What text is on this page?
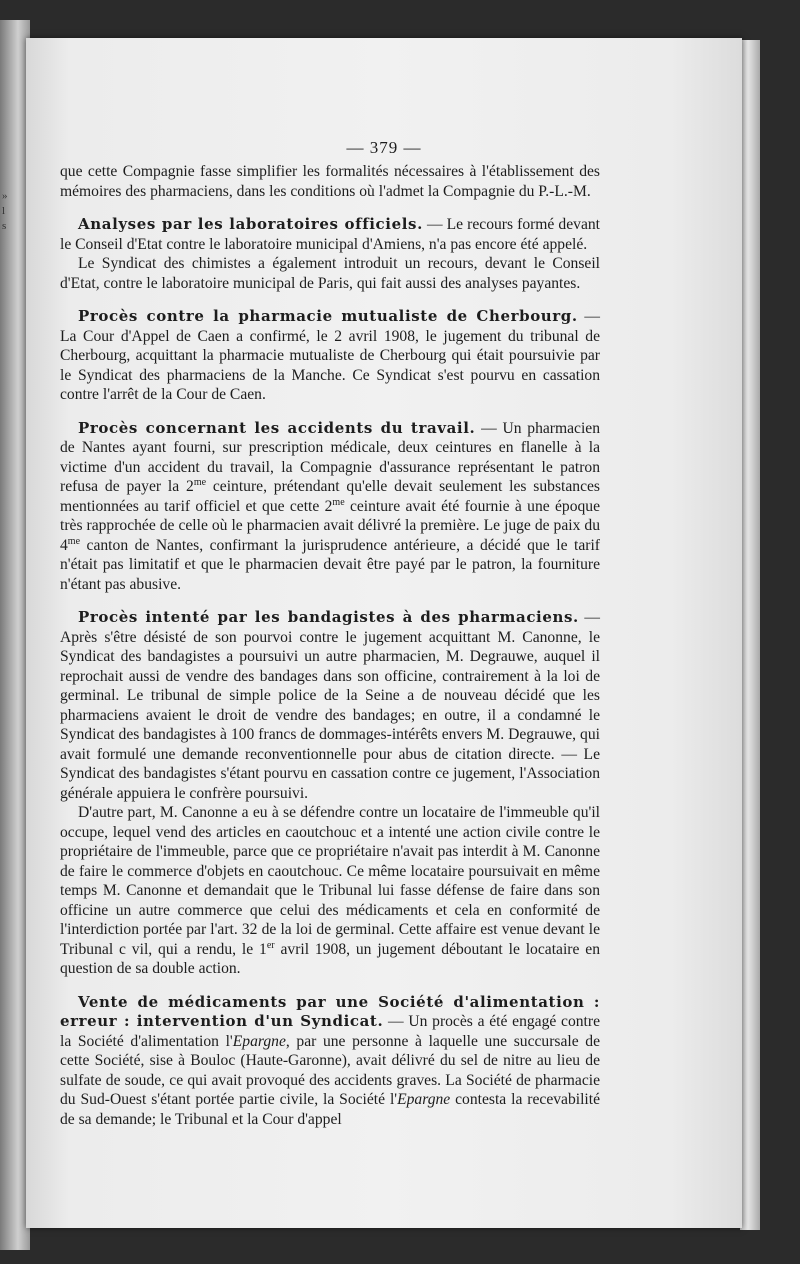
»
l
s
— 379 —

que cette Compagnie fasse simplifier les formalités nécessaires à l'établissement des mémoires des pharmaciens, dans les conditions où l'admet la Compagnie du P.-L.-M.

Analyses par les laboratoires officiels. — Le recours formé devant le Conseil d'Etat contre le laboratoire municipal d'Amiens, n'a pas encore été appelé.

Le Syndicat des chimistes a également introduit un recours, devant le Conseil d'Etat, contre le laboratoire municipal de Paris, qui fait aussi des analyses payantes.

Procès contre la pharmacie mutualiste de Cherbourg. — La Cour d'Appel de Caen a confirmé, le 2 avril 1908, le jugement du tribunal de Cherbourg, acquittant la pharmacie mutualiste de Cherbourg qui était poursuivie par le Syndicat des pharmaciens de la Manche. Ce Syndicat s'est pourvu en cassation contre l'arrêt de la Cour de Caen.

Procès concernant les accidents du travail. — Un pharmacien de Nantes ayant fourni, sur prescription médicale, deux ceintures en flanelle à la victime d'un accident du travail, la Compagnie d'assurance représentant le patron refusa de payer la $2^{me}$ ceinture, prétendant qu'elle devait seulement les substances mentionnées au tarif officiel et que cette $2^{me}$ ceinture avait été fournie à une époque très rapprochée de celle où le pharmacien avait délivré la première. Le juge de paix du $4^{me}$ canton de Nantes, confirmant la jurisprudence antérieure, a décidé que le tarif n'était pas limitatif et que le pharmacien devait être payé par le patron, la fourniture n'étant pas abusive.

Procès intenté par les bandagistes à des pharmaciens. — Après s'être désisté de son pourvoi contre le jugement acquittant M. Canonne, le Syndicat des bandagistes a poursuivi un autre pharmacien, M. Degrauwe, auquel il reprochait aussi de vendre des bandages dans son officine, contrairement à la loi de germinal. Le tribunal de simple police de la Seine a de nouveau décidé que les pharmaciens avaient le droit de vendre des bandages; en outre, il a condamné le Syndicat des bandagistes à 100 francs de dommages-intérêts envers M. Degrauwe, qui avait formulé une demande reconventionnelle pour abus de citation directe. — Le Syndicat des bandagistes s'étant pourvu en cassation contre ce jugement, l'Association générale appuiera le confrère poursuivi.

D'autre part, M. Canonne a eu à se défendre contre un locataire de l'immeuble qu'il occupe, lequel vend des articles en caoutchouc et a intenté une action civile contre le propriétaire de l'immeuble, parce que ce propriétaire n'avait pas interdit à M. Canonne de faire le commerce d'objets en caoutchouc. Ce même locataire poursuivait en même temps M. Canonne et demandait que le Tribunal lui fasse défense de faire dans son officine un autre commerce que celui des médicaments et cela en conformité de l'interdiction portée par l'art. 32 de la loi de germinal. Cette affaire est venue devant le Tribunal c vil, qui a rendu, le 1er avril 1908, un jugement déboutant le locataire en question de sa double action.

Vente de médicaments par une Société d'alimentation : erreur : intervention d'un Syndicat. — Un procès a été engagé contre la Société d'alimentation l'Epargne, par une personne à laquelle une succursale de cette Société, sise à Bouloc (Haute-Garonne), avait délivré du sel de nitre au lieu de sulfate de soude, ce qui avait provoqué des accidents graves. La Société de pharmacie du Sud-Ouest s'étant portée partie civile, la Société l'Epargne contesta la recevabilité de sa demande; le Tribunal et la Cour d'appel
